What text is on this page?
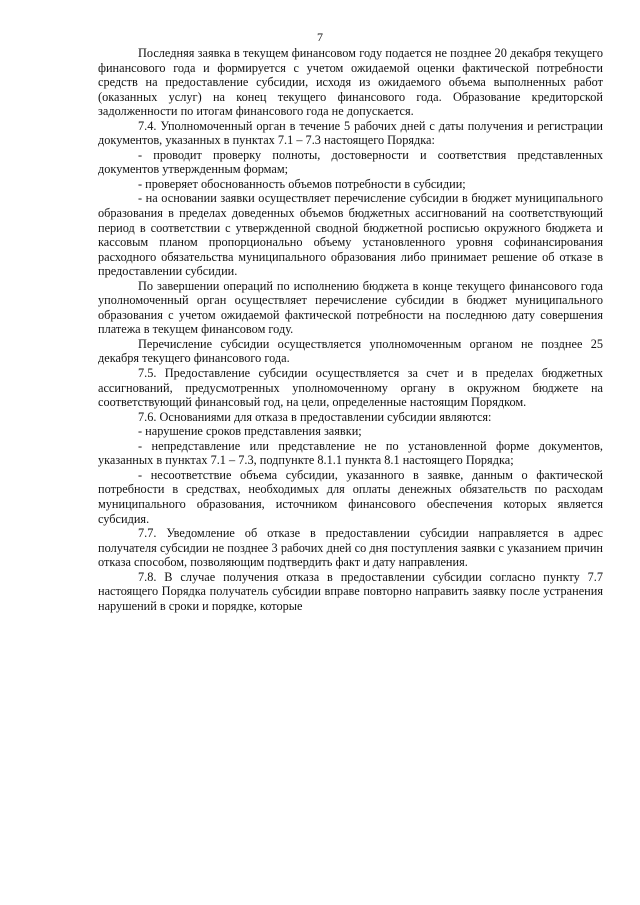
7

Последняя заявка в текущем финансовом году подается не позднее 20 декабря текущего финансового года и формируется с учетом ожидаемой оценки фактической потребности средств на предоставление субсидии, исходя из ожидаемого объема выполненных работ (оказанных услуг) на конец текущего финансового года. Образование кредиторской задолженности по итогам финансового года не допускается.

7.4. Уполномоченный орган в течение 5 рабочих дней с даты получения и регистрации документов, указанных в пунктах 7.1 – 7.3 настоящего Порядка:

- проводит проверку полноты, достоверности и соответствия представленных документов утвержденным формам;

- проверяет обоснованность объемов потребности в субсидии;

- на основании заявки осуществляет перечисление субсидии в бюджет муниципального образования в пределах доведенных объемов бюджетных ассигнований на соответствующий период в соответствии с утвержденной сводной бюджетной росписью окружного бюджета и кассовым планом пропорционально объему установленного уровня софинансирования расходного обязательства муниципального образования либо принимает решение об отказе в предоставлении субсидии.

По завершении операций по исполнению бюджета в конце текущего финансового года уполномоченный орган осуществляет перечисление субсидии в бюджет муниципального образования с учетом ожидаемой фактической потребности на последнюю дату совершения платежа в текущем финансовом году.

Перечисление субсидии осуществляется уполномоченным органом не позднее 25 декабря текущего финансового года.

7.5. Предоставление субсидии осуществляется за счет и в пределах бюджетных ассигнований, предусмотренных уполномоченному органу в окружном бюджете на соответствующий финансовый год, на цели, определенные настоящим Порядком.

7.6. Основаниями для отказа в предоставлении субсидии являются:

- нарушение сроков представления заявки;

- непредставление или представление не по установленной форме документов, указанных в пунктах 7.1 – 7.3, подпункте 8.1.1 пункта 8.1 настоящего Порядка;

- несоответствие объема субсидии, указанного в заявке, данным о фактической потребности в средствах, необходимых для оплаты денежных обязательств по расходам муниципального образования, источником финансового обеспечения которых является субсидия.

7.7. Уведомление об отказе в предоставлении субсидии направляется в адрес получателя субсидии не позднее 3 рабочих дней со дня поступления заявки с указанием причин отказа способом, позволяющим подтвердить факт и дату направления.

7.8. В случае получения отказа в предоставлении субсидии согласно пункту 7.7 настоящего Порядка получатель субсидии вправе повторно направить заявку после устранения нарушений в сроки и порядке, которые
